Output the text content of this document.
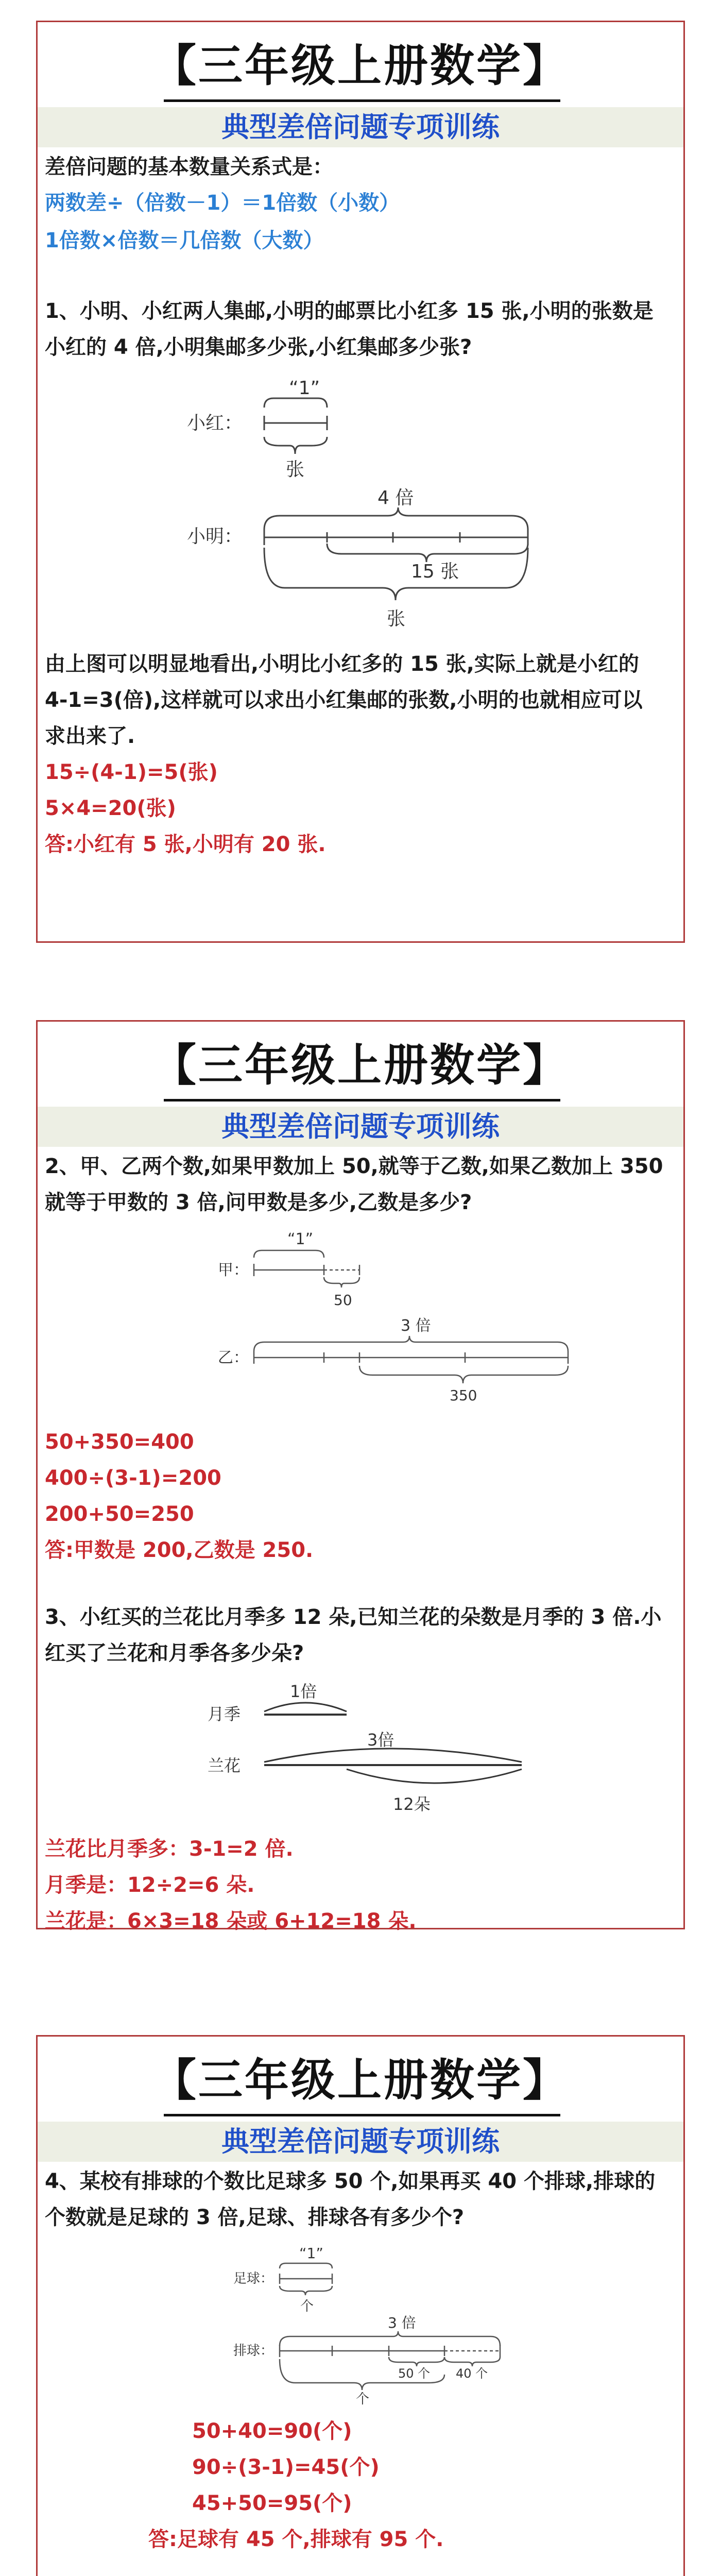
【三年级上册数学】
典型差倍问题专项训练
差倍问题的基本数量关系式是：
两数差÷（倍数－1）＝1倍数（小数）
1倍数×倍数＝几倍数（大数）
1、小明、小红两人集邮,小明的邮票比小红多 15 张,小明的张数是
小红的 4 倍,小明集邮多少张,小红集邮多少张?
“1”
小红：
张
4 倍
小明：
15 张
张
由上图可以明显地看出,小明比小红多的 15 张,实际上就是小红的
4-1=3(倍),这样就可以求出小红集邮的张数,小明的也就相应可以
求出来了.
15÷(4-1)=5(张)
5×4=20(张)
答:小红有 5 张,小明有 20 张.
【三年级上册数学】
典型差倍问题专项训练
2、甲、乙两个数,如果甲数加上 50,就等于乙数,如果乙数加上 350
就等于甲数的 3 倍,问甲数是多少,乙数是多少?
“1”
甲：
50
3 倍
乙：
350
50+350=400
400÷(3-1)=200
200+50=250
答:甲数是 200,乙数是 250.
3、小红买的兰花比月季多 12 朵,已知兰花的朵数是月季的 3 倍.小
红买了兰花和月季各多少朵?
1倍
月季
3倍
兰花
12朵
兰花比月季多：3-1=2 倍.
月季是：12÷2=6 朵.
兰花是：6×3=18 朵或 6+12=18 朵.
【三年级上册数学】
典型差倍问题专项训练
4、某校有排球的个数比足球多 50 个,如果再买 40 个排球,排球的
个数就是足球的 3 倍,足球、排球各有多少个?
“1”
足球：
个
3 倍
排球：
50 个 40 个
个
50+40=90(个)
90÷(3-1)=45(个)
45+50=95(个)
答:足球有 45 个,排球有 95 个.
